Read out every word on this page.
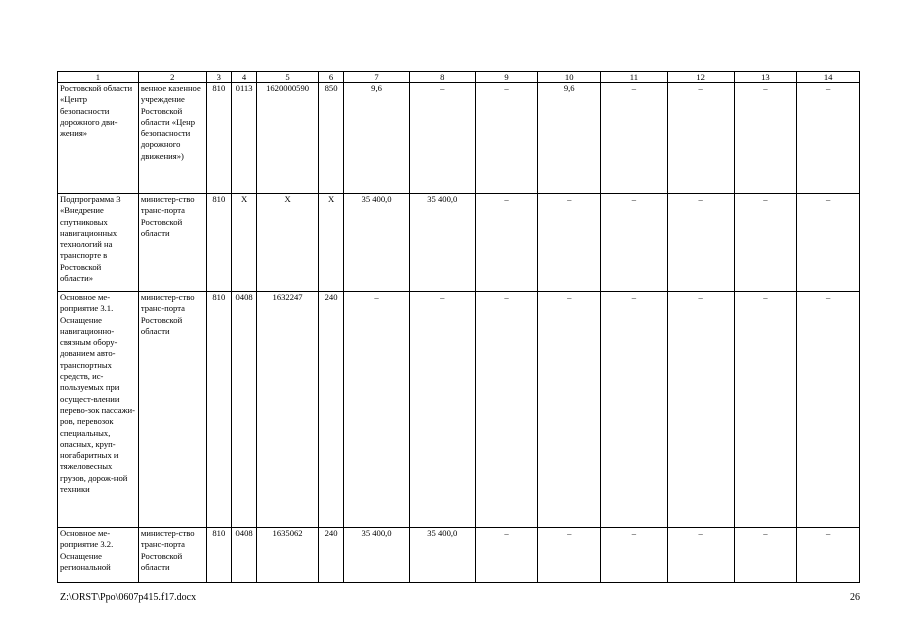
1	2	3	4	5	6	7	8	9	10	11	12	13	14
Ростовской области «Центр безопасности дорожного дви-жения»	венное казенное учреждение Ростовской области «Ценр безопасности дорожного движения»)	810	0113	1620000590	850	9,6	–	–	9,6	–	–	–	–
Подпрограмма 3 «Внедрение спутниковых навигационных технологий на транспорте в Ростовской области»	министер-ство транс-порта Ростовской области	810	X	X	X	35 400,0	35 400,0	–	–	–	–	–	–
Основное ме-роприятие 3.1. Оснащение навигационно-связным обору-дованием авто-транспортных средств, ис-пользуемых при осущест-влении перево-зок пассажи-ров, перевозок специальных, опасных, круп-ногабаритных и тяжеловесных грузов, дорож-ной техники	министер-ство транс-порта Ростовской области	810	0408	1632247	240	–	–	–	–	–	–	–	–
Основное ме-роприятие 3.2. Оснащение региональной	министер-ство транс-порта Ростовской области	810	0408	1635062	240	35 400,0	35 400,0	–	–	–	–	–	–
Z:\ORST\Ppo\0607p415.f17.docx	26
